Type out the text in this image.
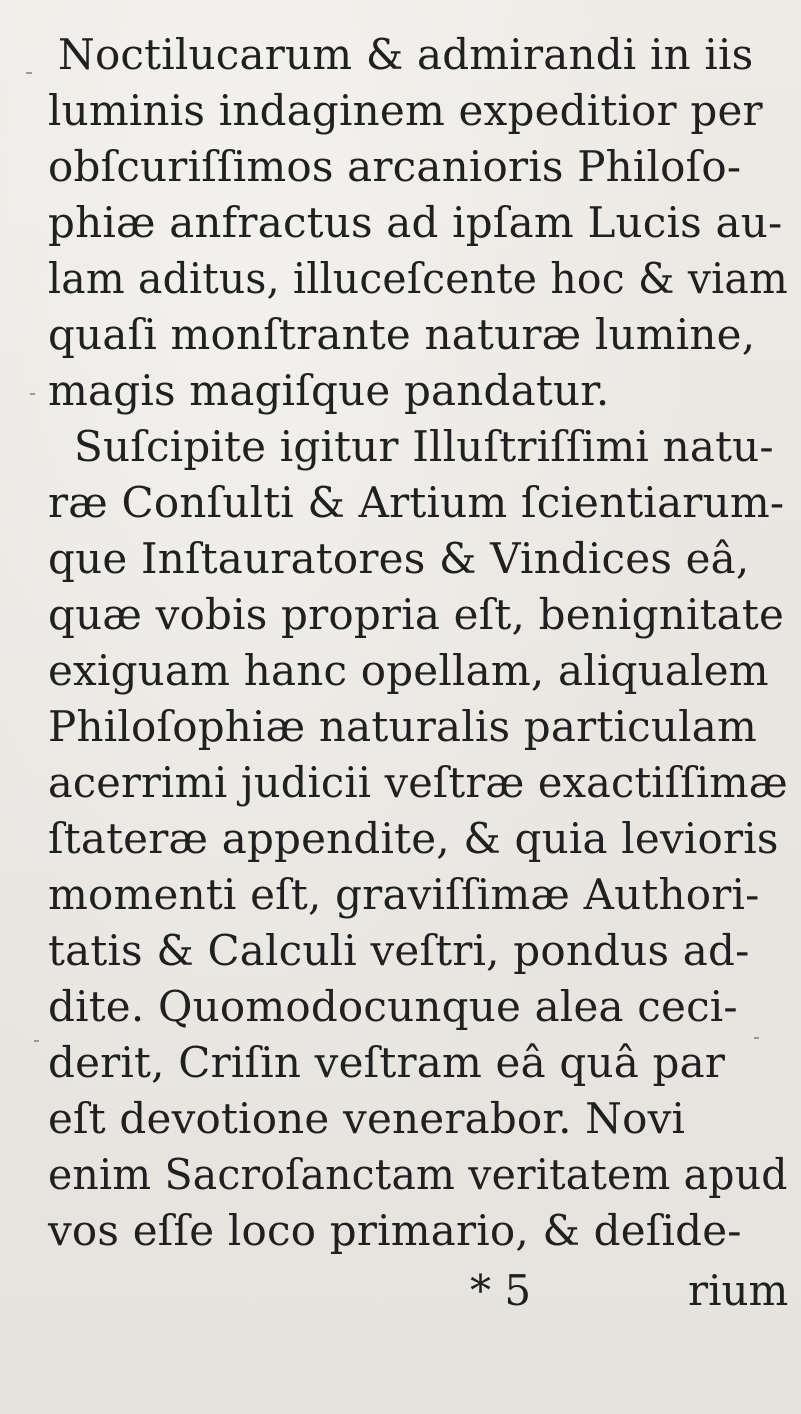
Noctilucarum & admirandi in iis
luminis indaginem expeditior per
obſcuriſſimos arcanioris Philoſo-
phiæ anfractus ad ipſam Lucis au-
lam aditus, illuceſcente hoc & viam
quaſi monſtrante naturæ lumine,
magis magiſque pandatur.
Suſcipite igitur Illuſtriſſimi natu-
ræ Conſulti & Artium ſcientiarum-
que Inſtauratores & Vindices eâ,
quæ vobis propria eſt, benignitate
exiguam hanc opellam, aliqualem
Philoſophiæ naturalis particulam
acerrimi judicii veſtræ exactiſſimæ
ſtateræ appendite, & quia levioris
momenti eſt, graviſſimæ Authori-
tatis & Calculi veſtri, pondus ad-
dite. Quomodocunque alea ceci-
derit, Criſin veſtram eâ quâ par
eſt devotione venerabor. Novi
enim Sacroſanctam veritatem apud
vos eſſe loco primario, & deſide-
* 5	rium
